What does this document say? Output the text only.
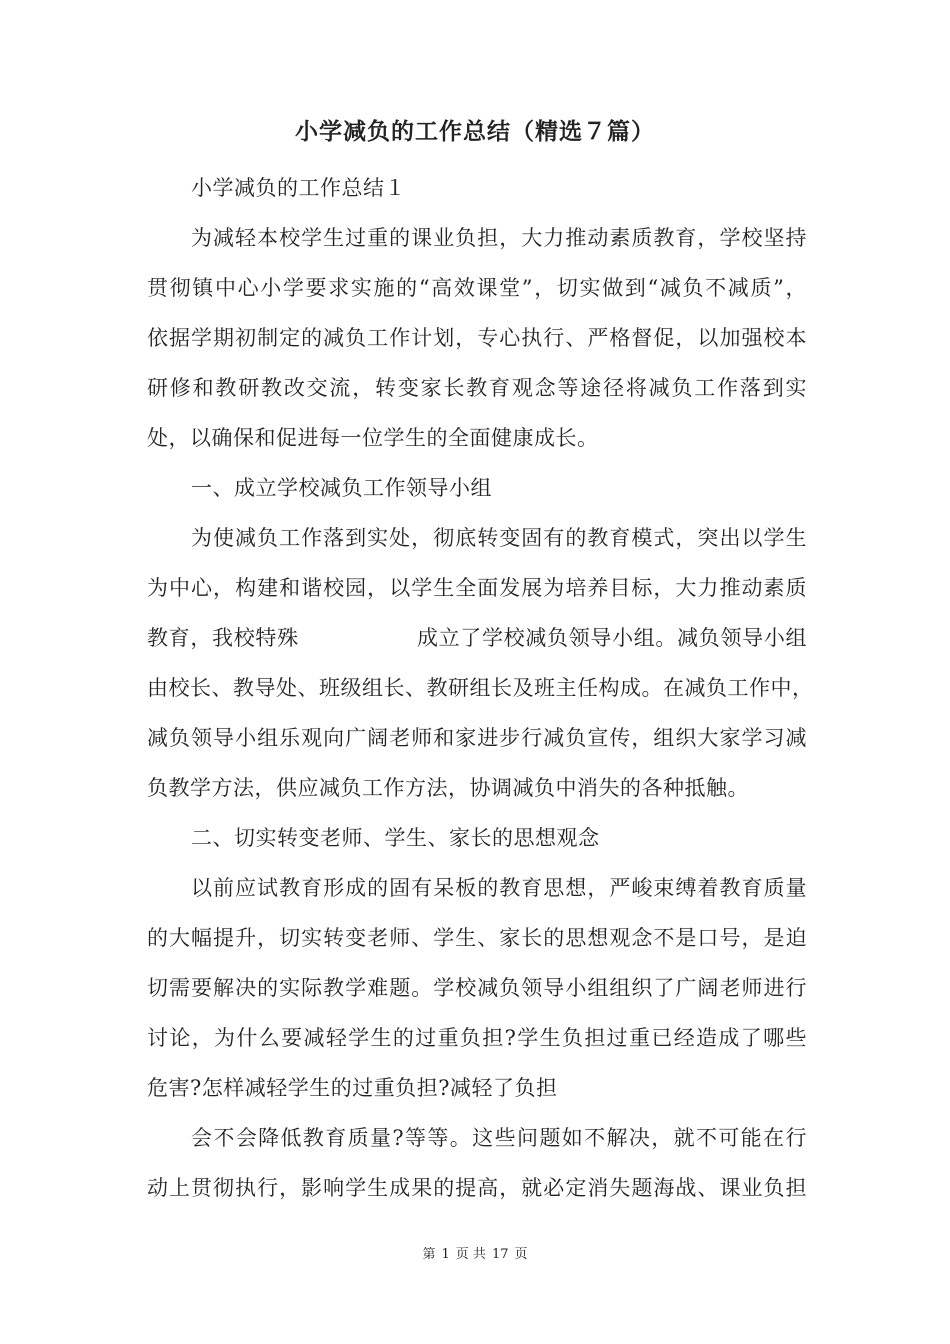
小学减负的工作总结（精选７篇）
小学减负的工作总结１
为减轻本校学生过重的课业负担，大力推动素质教育，学校坚持
贯彻镇中心小学要求实施的“高效课堂”，切实做到“减负不减质”，
依据学期初制定的减负工作计划，专心执行、严格督促，以加强校本
研修和教研教改交流，转变家长教育观念等途径将减负工作落到实
处，以确保和促进每一位学生的全面健康成长。
一、成立学校减负工作领导小组
为使减负工作落到实处，彻底转变固有的教育模式，突出以学生
为中心，构建和谐校园，以学生全面发展为培养目标，大力推动素质
教育，我校特殊	成立了学校减负领导小组。减负领导小组
由校长、教导处、班级组长、教研组长及班主任构成。在减负工作中，
减负领导小组乐观向广阔老师和家进步行减负宣传，组织大家学习减
负教学方法，供应减负工作方法，协调减负中消失的各种抵触。
二、切实转变老师、学生、家长的思想观念
以前应试教育形成的固有呆板的教育思想，严峻束缚着教育质量
的大幅提升，切实转变老师、学生、家长的思想观念不是口号，是迫
切需要解决的实际教学难题。学校减负领导小组组织了广阔老师进行
讨论，为什么要减轻学生的过重负担?学生负担过重已经造成了哪些
危害?怎样减轻学生的过重负担?减轻了负担
会不会降低教育质量?等等。这些问题如不解决，就不可能在行
动上贯彻执行，影响学生成果的提高，就必定消失题海战、课业负担
第 1 页 共 17 页
